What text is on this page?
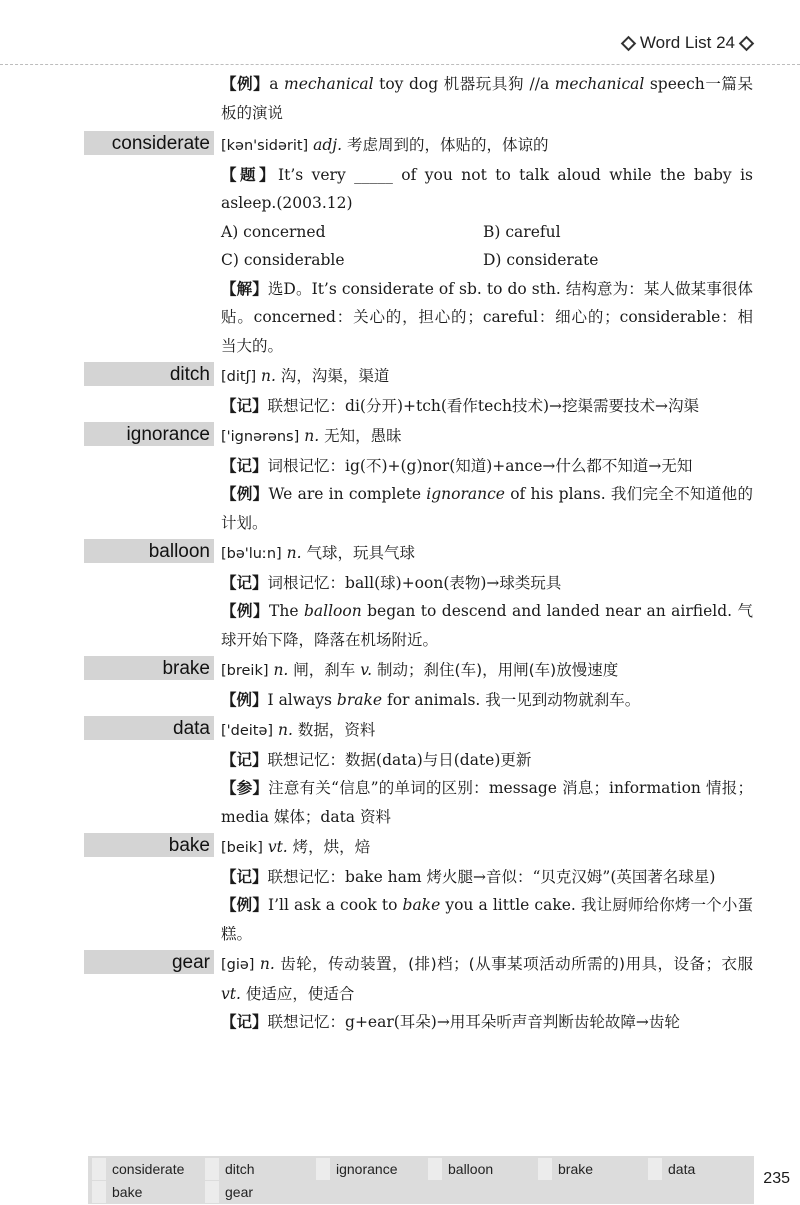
Word List 24

【例】a mechanical toy dog 机器玩具狗 //a mechanical speech一篇呆板的演说

considerate [kən'sidərit] adj. 考虑周到的，体贴的，体谅的

【题】It’s very _____ of you not to talk aloud while the baby is asleep.(2003.12)

A) concerned	B) careful
C) considerable	D) considerate

【解】选D。It’s considerate of sb. to do sth. 结构意为：某人做某事很体贴。concerned：关心的，担心的；careful：细心的；considerable：相当大的。

ditch [ditʃ] n. 沟，沟渠，渠道

【记】联想记忆：di(分开)+tch(看作tech技术)→挖渠需要技术→沟渠

ignorance ['ignərəns] n. 无知，愚昧

【记】词根记忆：ig(不)+(g)nor(知道)+ance→什么都不知道→无知

【例】We are in complete ignorance of his plans. 我们完全不知道他的计划。

balloon [bə'luːn] n. 气球，玩具气球

【记】词根记忆：ball(球)+oon(表物)→球类玩具

【例】The balloon began to descend and landed near an airfield. 气球开始下降，降落在机场附近。

brake [breik] n. 闸，刹车 v. 制动；刹住(车)，用闸(车)放慢速度

【例】I always brake for animals. 我一见到动物就刹车。

data ['deitə] n. 数据，资料

【记】联想记忆：数据(data)与日(date)更新

【参】注意有关“信息”的单词的区别：message 消息；information 情报；media 媒体；data 资料

bake [beik] vt. 烤，烘，焙

【记】联想记忆：bake ham 烤火腿→音似：“贝克汉姆”(英国著名球星)

【例】I’ll ask a cook to bake you a little cake. 我让厨师给你烤一个小蛋糕。

gear [giə] n. 齿轮，传动装置，(排)档；(从事某项活动所需的)用具，设备；衣服 vt. 使适应，使适合

【记】联想记忆：g+ear(耳朵)→用耳朵听声音判断齿轮故障→齿轮

considerate	ditch	ignorance	balloon	brake	data
bake	gear
235
